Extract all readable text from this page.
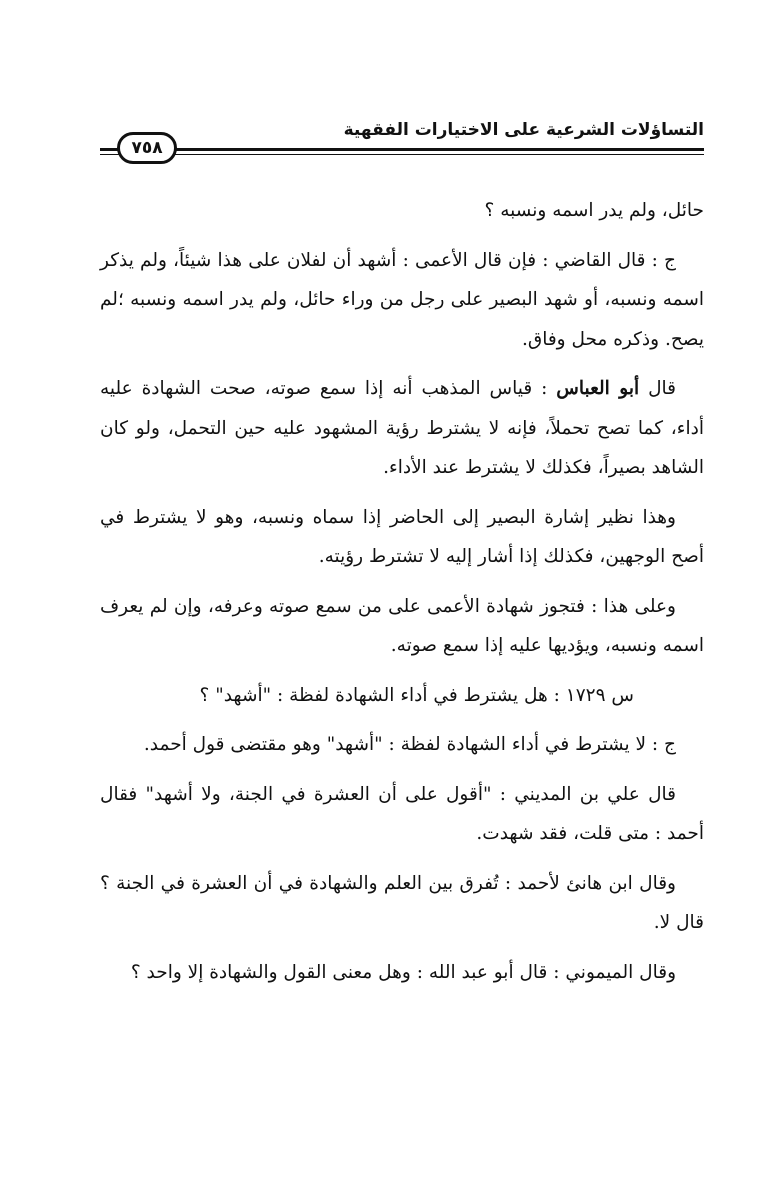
التساؤلات الشرعية على الاختيارات الفقهية
٧٥٨

حائل، ولم يدر اسمه ونسبه ؟

ج : قال القاضي : فإن قال الأعمى : أشهد أن لفلان على هذا شيئاً، ولم يذكر اسمه ونسبه، أو شهد البصير على رجل من وراء حائل، ولم يدر اسمه ونسبه ؛لم يصح. وذكره محل وفاق.

قال أبو العباس : قياس المذهب أنه إذا سمع صوته، صحت الشهادة عليه أداء، كما تصح تحملاً، فإنه لا يشترط رؤية المشهود عليه حين التحمل، ولو كان الشاهد بصيراً، فكذلك لا يشترط عند الأداء.

وهذا نظير إشارة البصير إلى الحاضر إذا سماه ونسبه، وهو لا يشترط في أصح الوجهين، فكذلك إذا أشار إليه لا تشترط رؤيته.

وعلى هذا : فتجوز شهادة الأعمى على من سمع صوته وعرفه، وإن لم يعرف اسمه ونسبه، ويؤديها عليه إذا سمع صوته.

س ١٧٢٩ : هل يشترط في أداء الشهادة لفظة : "أشهد" ؟

ج : لا يشترط في أداء الشهادة لفظة : "أشهد" وهو مقتضى قول أحمد.

قال علي بن المديني : "أقول على أن العشرة في الجنة، ولا أشهد" فقال أحمد : متى قلت، فقد شهدت.

وقال ابن هانئ لأحمد : تُفرق بين العلم والشهادة في أن العشرة في الجنة ؟ قال لا.

وقال الميموني : قال أبو عبد الله : وهل معنى القول والشهادة إلا واحد ؟
